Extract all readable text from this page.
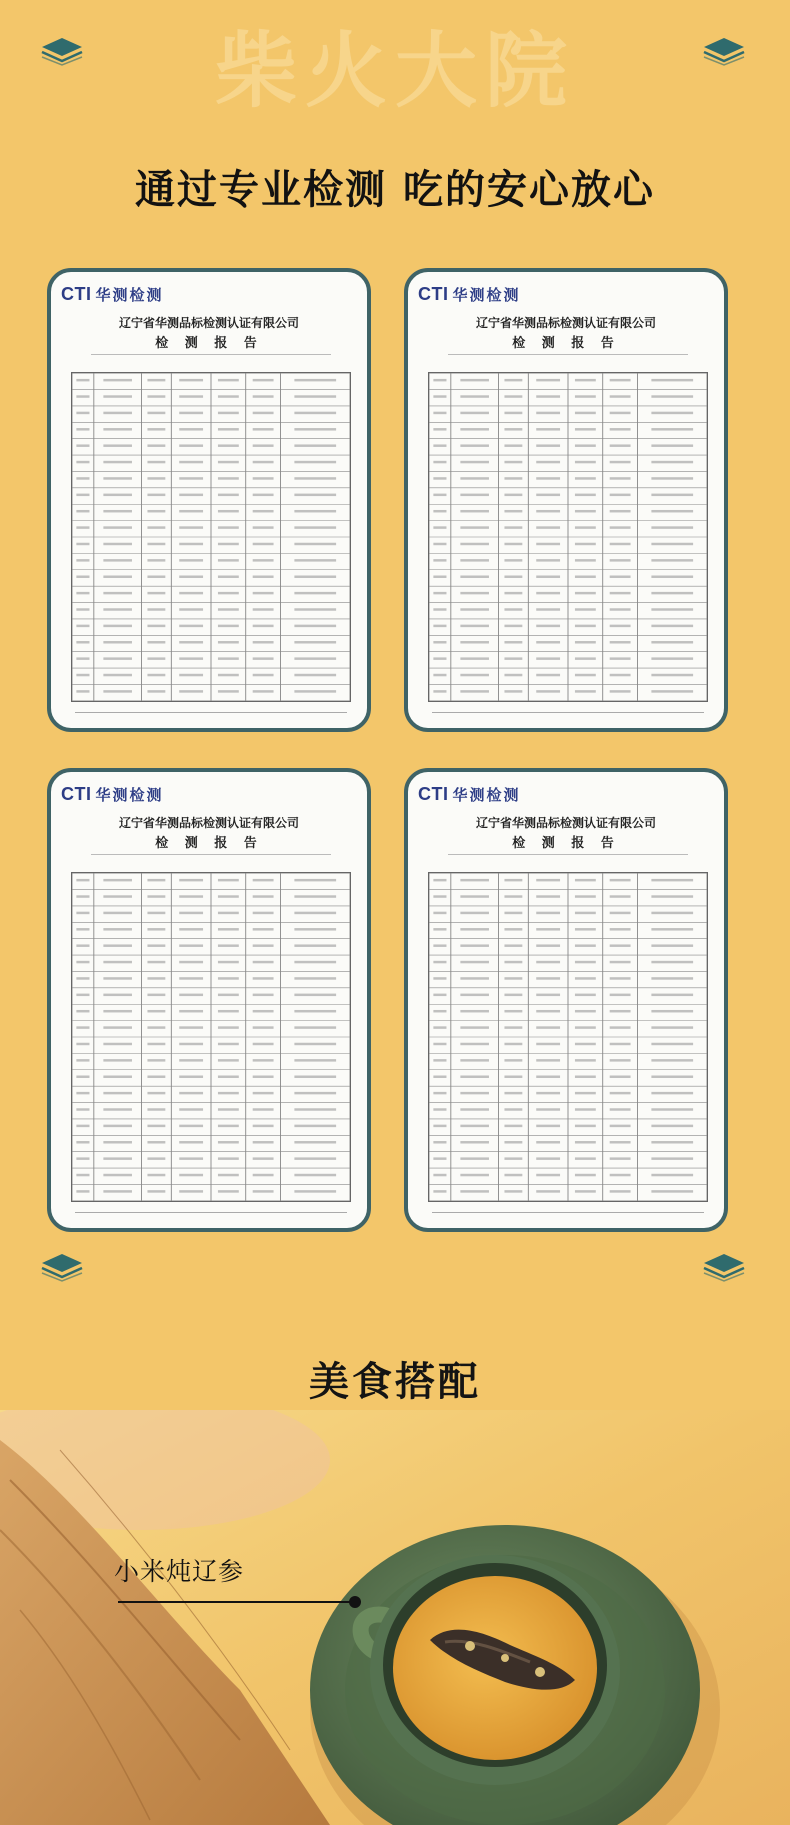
柴火大院
通过专业检测 吃的安心放心
CTI 华测检测
辽宁省华测品标检测认证有限公司
检 测 报 告
CTI 华测检测
辽宁省华测品标检测认证有限公司
检 测 报 告
CTI 华测检测
辽宁省华测品标检测认证有限公司
检 测 报 告
CTI 华测检测
辽宁省华测品标检测认证有限公司
检 测 报 告
美食搭配
小米炖辽参
